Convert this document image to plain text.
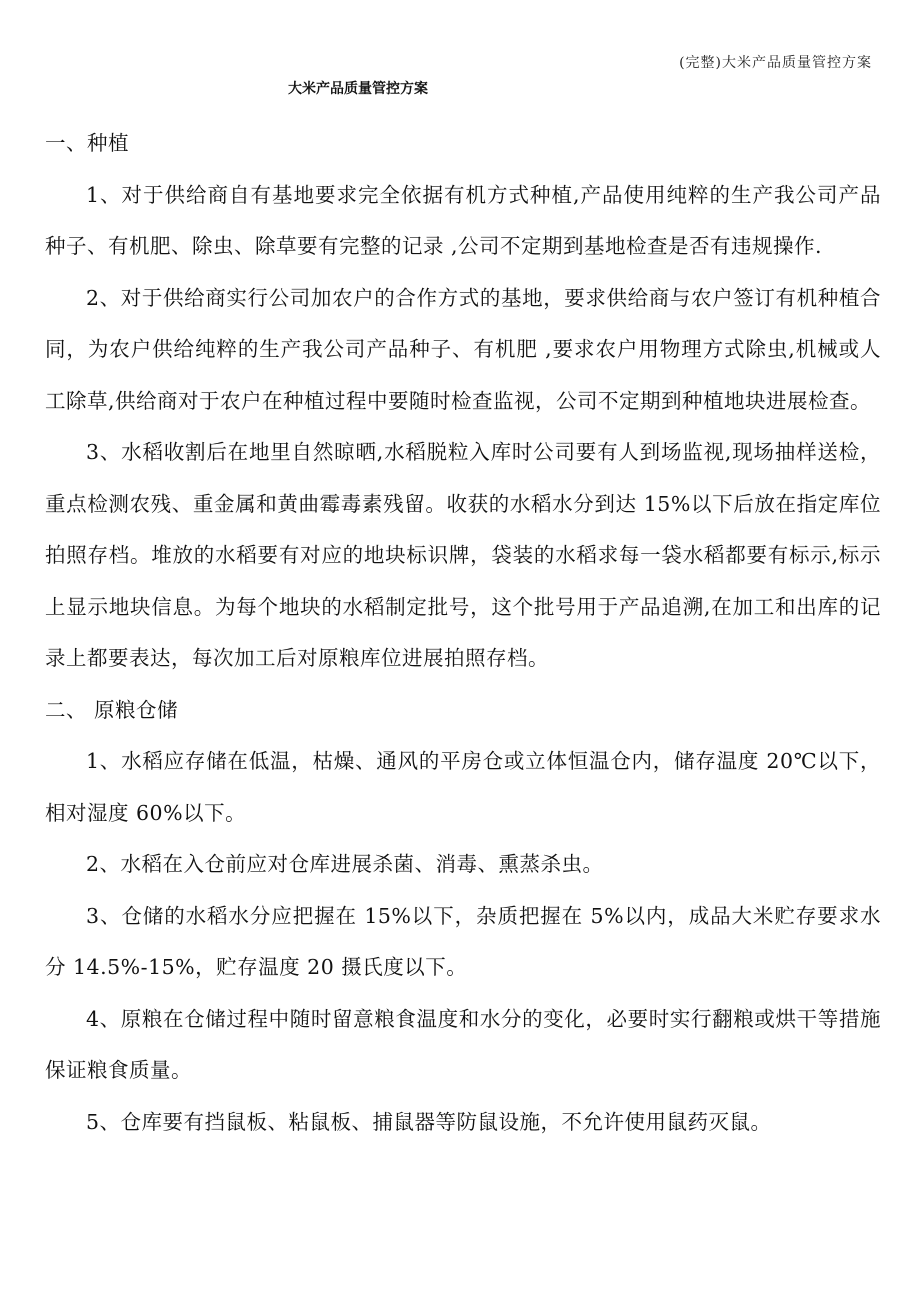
(完整)大米产品质量管控方案
大米产品质量管控方案
一、种植

1、对于供给商自有基地要求完全依据有机方式种植,产品使用纯粹的生产我公司产品种子、有机肥、除虫、除草要有完整的记录 ,公司不定期到基地检查是否有违规操作.

2、对于供给商实行公司加农户的合作方式的基地，要求供给商与农户签订有机种植合同，为农户供给纯粹的生产我公司产品种子、有机肥 ,要求农户用物理方式除虫,机械或人工除草,供给商对于农户在种植过程中要随时检查监视，公司不定期到种植地块进展检查。

3、水稻收割后在地里自然晾晒,水稻脱粒入库时公司要有人到场监视,现场抽样送检，重点检测农残、重金属和黄曲霉毒素残留。收获的水稻水分到达 15%以下后放在指定库位拍照存档。堆放的水稻要有对应的地块标识牌，袋装的水稻求每一袋水稻都要有标示,标示上显示地块信息。为每个地块的水稻制定批号，这个批号用于产品追溯,在加工和出库的记录上都要表达，每次加工后对原粮库位进展拍照存档。

二、 原粮仓储

1、水稻应存储在低温，枯燥、通风的平房仓或立体恒温仓内，储存温度 20℃以下，相对湿度 60%以下。

2、水稻在入仓前应对仓库进展杀菌、消毒、熏蒸杀虫。

3、仓储的水稻水分应把握在 15%以下，杂质把握在 5%以内，成品大米贮存要求水分 14.5%-15%，贮存温度 20 摄氏度以下。

4、原粮在仓储过程中随时留意粮食温度和水分的变化，必要时实行翻粮或烘干等措施保证粮食质量。

5、仓库要有挡鼠板、粘鼠板、捕鼠器等防鼠设施，不允许使用鼠药灭鼠。
